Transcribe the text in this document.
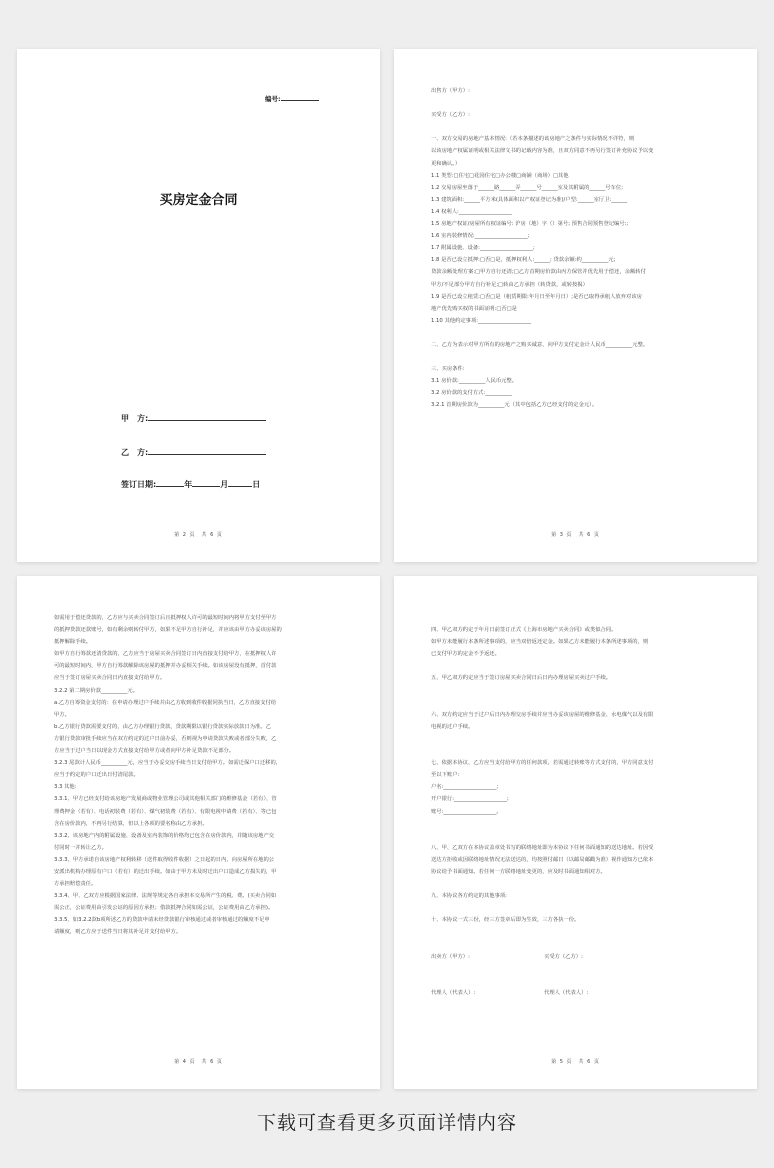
编号:
买房定金合同
甲　方:
乙　方:
签订日期:	年	月	日
第 2 页　共 6 页
出售方（甲方）:
买受方（乙方）:
一、双方交易的房地产基本情况:（若本条描述的该房地产之条件与实际情况不详符，则
以该房地产权属证明或相关法律文书的记载内容为准，且双方同意不再另行签订补充协议予以变
更和确认。）
1.1 类型:□住宅□花园住宅□办公楼□商铺（商场）□其他
1.2 交易房屋坐落于______路______弄______号______室及其附属的______号车位;
1.3 建筑面积:______平方米(具体面积以产权证登记为准)/户型:______室厅卫:______
1.4 权利人:____________________
1.5 房地产权证/房屋所有权证编号: 沪房（地）字（）第号; 预售合同预售登记编号:;
1.6 室内装修情况:____________________;
1.7 附属设施、设备:____________________;
1.8 是否已设立抵押:□否□是，抵押权利人:______; 贷款余额:约__________元;
贷款余额处理方案:□甲方自行还清;□乙方首期房价款由丙方保管并优先用于偿还，余额转付
甲方/不足部分甲方自行补足;□转由乙方承担（转贷款，或转按揭）
1.9 是否已设立租赁:□否□是（租赁期限:年月日至年月日）;是否已取得承租人放弃对该房
地产优先购买权的书面证明:□否□是
1.10 其他约定事项:____________________
二、乙方为表示对甲方所有的房地产之购买诚意，向甲方支付定金计人民币__________元整。
三、买房条件:
3.1 房价款:__________人民币元整。
3.2 房价款的支付方式:__________
3.2.1 首期房价款为__________元（其中包括乙方已经支付的定金元）。
第 3 页　共 6 页
如需用于偿还贷款的，乙方应与买卖合同签订后且抵押权人许可的最短时间内将甲方支付至甲方
的抵押贷款还款账号，如有剩余则转付甲方，如果不足甲方自行补足，并应该由甲方办妥该房屋的
抵押解除手续。
如甲方自行筹款还清贷款的，乙方应当于房屋买卖合同签订日内直接支付给甲方，在抵押权人许
可的最短时间内，甲方自行筹款解除该房屋的抵押并办妥相关手续。如该房屋没有抵押，首付款
应当于签订房屋买卖合同日内直接支付给甲方。
3.2.2 第二期房价款__________元。
a.乙方自筹资金支付的：在申请办理过户手续并由乙方收到收件收据同执当日，乙方直接支付给
甲方。
b.乙方银行贷款需要支付的，由乙方办理银行贷款，贷款期限以银行贷款实际放款日为准。乙
方银行贷款审批手续应当在双方约定的过户日前办妥，否则视为申请贷款失败或者部分失败，乙
方应当于过户当日以现金方式直接支付给甲方或者向甲方补足贷款不足部分。
3.2.3 尾款计人民币__________元，应当于办妥交房手续当日支付给甲方。如需迁保户口迁移的，
应当于约定的户口迁出日付清尾款。
3.3 其他:
3.3.1、甲方已经支付给该房地产发展商或物业管理公司或其他相关部门的维修基金（若有），管
理费押金（若有）、电话初装费（若有）、煤气初装费（若有）、有限电视申请费（若有）、等已包
含在房价款内，不再另行结算，但以上各项的要名称由乙方承担。
3.3.2、该房地产内的附属设施、设备及室内装饰的价格均已包含在房价款内，并随该房地产交
付同时一并转让乙方。
3.3.3、甲方承诺自该房地产权利转移（送件取得收件收据）之日起的日内，向房屋所在地的公
安派出机构办理原有户口（若有）的迁出手续。如由于甲方未及时迁出户口造成乙方损失的，甲
方承担赔偿责任。
3.3.4、甲、乙双方应根据国家法律、法规等规定各自承担本交易所产生的税、费。(买卖合同如
需公正，公证费用由引发公证的原因方承担；借款抵押合同如需公证，公证费用由乙方承担)。
3.3.5、如3.2.2款b项所述乙方的贷款申请未经贷款银行审核通过或者审核通过的额度不足申
请额度，则乙方应于送件当日将其补足并支付给甲方。
第 4 页　共 6 页
四、甲乙双方约定于年月日前签订正式《上海市房地产买卖合同》或类似合同。
如甲方未能履行本条所述事项的，应当双倍返还定金。如果乙方未能履行本条所述事项的，则
已支付甲方的定金不予返还。
五、甲乙双方约定应当于签订房屋买卖合同日后日内办理房屋买卖过户手续。
六、双方约定应当于过户后日内办理交房手续并应当办妥该房屋的维修基金、水电煤气以及有限
电视的过户手续。
七、依据本协议，乙方应当支付给甲方的任何款项，若需通过转账等方式支付的，甲方同意支付
至以下账户:
户名:____________________;
开户银行:____________________;
账号:____________________。
八、甲、乙双方在本协议盖章处书写的联络地址即为本协议下任何书面通知的送达地址。若因受
送达方拒收或因联络地址情况无法送达的，均按照付邮日（以邮局邮戳为准）视作通知方已依本
协议给予书面通知。若任何一方联络地址变更的，应及时书面通知相对方。
九、本协议各方约定的其他事项:
十、本协议一式三份，经三方签章后即为生效，三方各执一份。
出卖方（甲方）:　　　　　　　　　　　　　　买受方（乙方）:
代理人（代表人）:　　　　　　　　　　　　　代理人（代表人）:
第 5 页　共 6 页
下载可查看更多页面详情内容
